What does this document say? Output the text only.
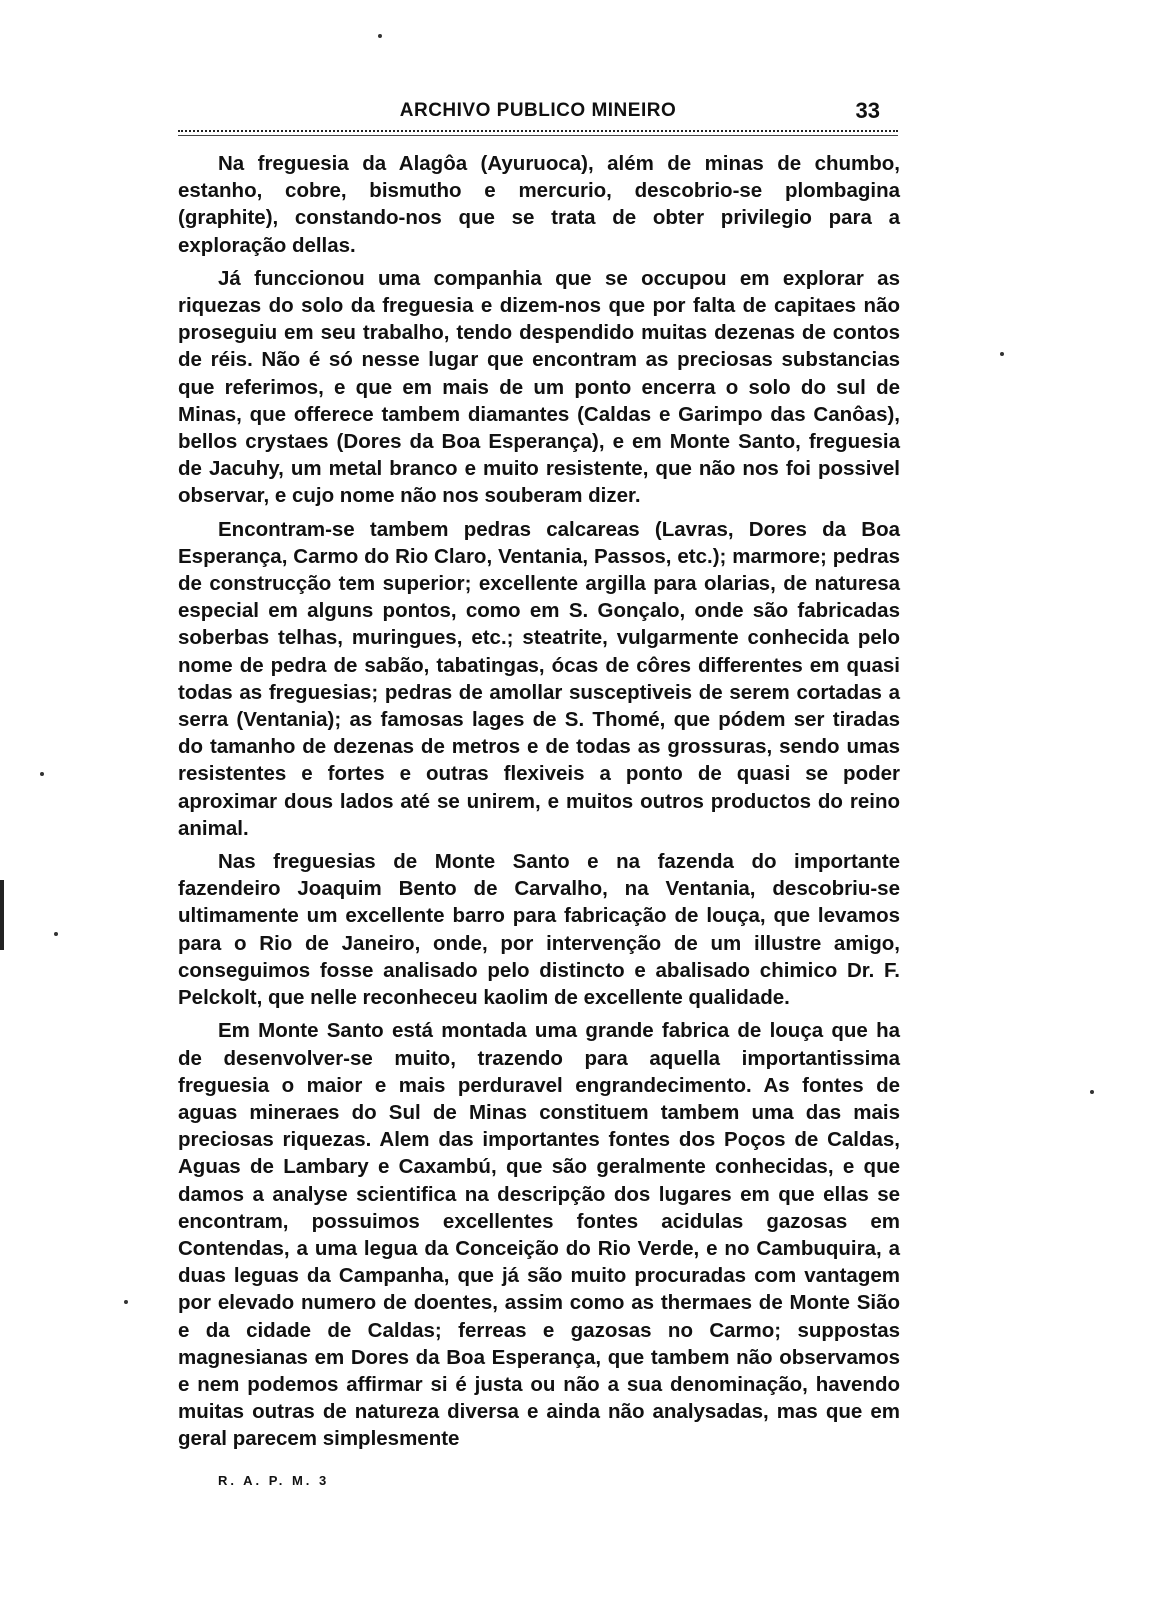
ARCHIVO PUBLICO MINEIRO	33

Na freguesia da Alagôa (Ayuruoca), além de minas de chumbo, estanho, cobre, bismutho e mercurio, descobrio-se plombagina (graphite), constando-nos que se trata de obter privilegio para a exploração dellas.

Já funccionou uma companhia que se occupou em explorar as riquezas do solo da freguesia e dizem-nos que por falta de capitaes não proseguiu em seu trabalho, tendo despendido muitas dezenas de contos de réis. Não é só nesse lugar que encontram as preciosas substancias que referimos, e que em mais de um ponto encerra o solo do sul de Minas, que offerece tambem diamantes (Caldas e Garimpo das Canôas), bellos crystaes (Dores da Boa Esperança), e em Monte Santo, freguesia de Jacuhy, um metal branco e muito resistente, que não nos foi possivel observar, e cujo nome não nos souberam dizer.

Encontram-se tambem pedras calcareas (Lavras, Dores da Boa Esperança, Carmo do Rio Claro, Ventania, Passos, etc.); marmore; pedras de construcção tem superior; excellente argilla para olarias, de naturesa especial em alguns pontos, como em S. Gonçalo, onde são fabricadas soberbas telhas, muringues, etc.; steatrite, vulgarmente conhecida pelo nome de pedra de sabão, tabatingas, ócas de côres differentes em quasi todas as freguesias; pedras de amollar susceptiveis de serem cortadas a serra (Ventania); as famosas lages de S. Thomé, que pódem ser tiradas do tamanho de dezenas de metros e de todas as grossuras, sendo umas resistentes e fortes e outras flexiveis a ponto de quasi se poder aproximar dous lados até se unirem, e muitos outros productos do reino animal.

Nas freguesias de Monte Santo e na fazenda do importante fazendeiro Joaquim Bento de Carvalho, na Ventania, descobriu-se ultimamente um excellente barro para fabricação de louça, que levamos para o Rio de Janeiro, onde, por intervenção de um illustre amigo, conseguimos fosse analisado pelo distincto e abalisado chimico Dr. F. Pelckolt, que nelle reconheceu kaolim de excellente qualidade.

Em Monte Santo está montada uma grande fabrica de louça que ha de desenvolver-se muito, trazendo para aquella importantissima freguesia o maior e mais perduravel engrandecimento. As fontes de aguas mineraes do Sul de Minas constituem tambem uma das mais preciosas riquezas. Alem das importantes fontes dos Poços de Caldas, Aguas de Lambary e Caxambú, que são geralmente conhecidas, e que damos a analyse scientifica na descripção dos lugares em que ellas se encontram, possuimos excellentes fontes acidulas gazosas em Contendas, a uma legua da Conceição do Rio Verde, e no Cambuquira, a duas leguas da Campanha, que já são muito procuradas com vantagem por elevado numero de doentes, assim como as thermaes de Monte Sião e da cidade de Caldas; ferreas e gazosas no Carmo; suppostas magnesianas em Dores da Boa Esperança, que tambem não observamos e nem podemos affirmar si é justa ou não a sua denominação, havendo muitas outras de natureza diversa e ainda não analysadas, mas que em geral parecem simplesmente

R. A. P. M. 3
